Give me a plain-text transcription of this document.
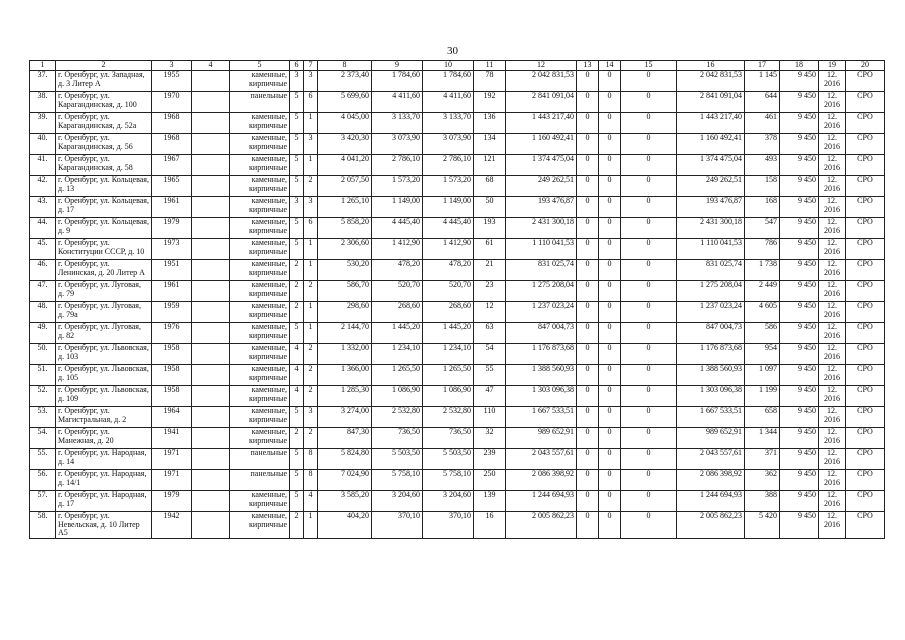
30
1	2	3	4	5	6	7	8	9	10	11	12	13	14	15	16	17	18	19	20
37.	г. Оренбург, ул. Западная, д. 3 Литер А	1955		каменные, кирпичные	3	3	2 373,40	1 784,60	1 784,60	78	2 042 831,53	0	0	0	2 042 831,53	1 145	9 450	12. 2016	СРО
38.	г. Оренбург, ул. Карагандинская, д. 100	1970		панельные	5	6	5 699,60	4 411,60	4 411,60	192	2 841 091,04	0	0	0	2 841 091,04	644	9 450	12. 2016	СРО
39.	г. Оренбург, ул. Карагандинская, д. 52а	1968		каменные, кирпичные	5	1	4 045,00	3 133,70	3 133,70	136	1 443 217,40	0	0	0	1 443 217,40	461	9 450	12. 2016	СРО
40.	г. Оренбург, ул. Карагандинская, д. 56	1968		каменные, кирпичные	5	3	3 420,30	3 073,90	3 073,90	134	1 160 492,41	0	0	0	1 160 492,41	378	9 450	12. 2016	СРО
41.	г. Оренбург, ул. Карагандинская, д. 58	1967		каменные, кирпичные	5	1	4 041,20	2 786,10	2 786,10	121	1 374 475,04	0	0	0	1 374 475,04	493	9 450	12. 2016	СРО
42.	г. Оренбург, ул. Кольцевая, д. 13	1965		каменные, кирпичные	5	2	2 057,50	1 573,20	1 573,20	68	249 262,51	0	0	0	249 262,51	158	9 450	12. 2016	СРО
43.	г. Оренбург, ул. Кольцевая, д. 17	1961		каменные, кирпичные	3	3	1 265,10	1 149,00	1 149,00	50	193 476,87	0	0	0	193 476,87	168	9 450	12. 2016	СРО
44.	г. Оренбург, ул. Кольцевая, д. 9	1979		каменные, кирпичные	5	6	5 858,20	4 445,40	4 445,40	193	2 431 300,18	0	0	0	2 431 300,18	547	9 450	12. 2016	СРО
45.	г. Оренбург, ул. Конституции СССР, д. 10	1973		каменные, кирпичные	5	1	2 306,60	1 412,90	1 412,90	61	1 110 041,53	0	0	0	1 110 041,53	786	9 450	12. 2016	СРО
46.	г. Оренбург, ул. Ленинская, д. 20 Литер А	1951		каменные, кирпичные	2	1	530,20	478,20	478,20	21	831 025,74	0	0	0	831 025,74	1 738	9 450	12. 2016	СРО
47.	г. Оренбург, ул. Луговая, д. 79	1961		каменные, кирпичные	2	2	586,70	520,70	520,70	23	1 275 208,04	0	0	0	1 275 208,04	2 449	9 450	12. 2016	СРО
48.	г. Оренбург, ул. Луговая, д. 79а	1959		каменные, кирпичные	2	1	298,60	268,60	268,60	12	1 237 023,24	0	0	0	1 237 023,24	4 605	9 450	12. 2016	СРО
49.	г. Оренбург, ул. Луговая, д. 82	1976		каменные, кирпичные	5	1	2 144,70	1 445,20	1 445,20	63	847 004,73	0	0	0	847 004,73	586	9 450	12. 2016	СРО
50.	г. Оренбург, ул. Львовская, д. 103	1958		каменные, кирпичные	4	2	1 332,00	1 234,10	1 234,10	54	1 176 873,68	0	0	0	1 176 873,68	954	9 450	12. 2016	СРО
51.	г. Оренбург, ул. Львовская, д. 105	1958		каменные, кирпичные	4	2	1 366,00	1 265,50	1 265,50	55	1 388 560,93	0	0	0	1 388 560,93	1 097	9 450	12. 2016	СРО
52.	г. Оренбург, ул. Львовская, д. 109	1958		каменные, кирпичные	4	2	1 285,30	1 086,90	1 086,90	47	1 303 096,38	0	0	0	1 303 096,38	1 199	9 450	12. 2016	СРО
53.	г. Оренбург, ул. Магистральная, д. 2	1964		каменные, кирпичные	5	3	3 274,00	2 532,80	2 532,80	110	1 667 533,51	0	0	0	1 667 533,51	658	9 450	12. 2016	СРО
54.	г. Оренбург, ул. Манежная, д. 20	1941		каменные, кирпичные	2	2	847,30	736,50	736,50	32	989 652,91	0	0	0	989 652,91	1 344	9 450	12. 2016	СРО
55.	г. Оренбург, ул. Народная, д. 14	1971		панельные	5	8	5 824,80	5 503,50	5 503,50	239	2 043 557,61	0	0	0	2 043 557,61	371	9 450	12. 2016	СРО
56.	г. Оренбург, ул. Народная, д. 14/1	1971		панельные	5	8	7 024,90	5 758,10	5 758,10	250	2 086 398,92	0	0	0	2 086 398,92	362	9 450	12. 2016	СРО
57.	г. Оренбург, ул. Народная, д. 17	1979		каменные, кирпичные	5	4	3 585,20	3 204,60	3 204,60	139	1 244 694,93	0	0	0	1 244 694,93	388	9 450	12. 2016	СРО
58.	г. Оренбург, ул. Невельская, д. 10 Литер А5	1942		каменные, кирпичные	2	1	404,20	370,10	370,10	16	2 005 862,23	0	0	0	2 005 862,23	5 420	9 450	12. 2016	СРО
